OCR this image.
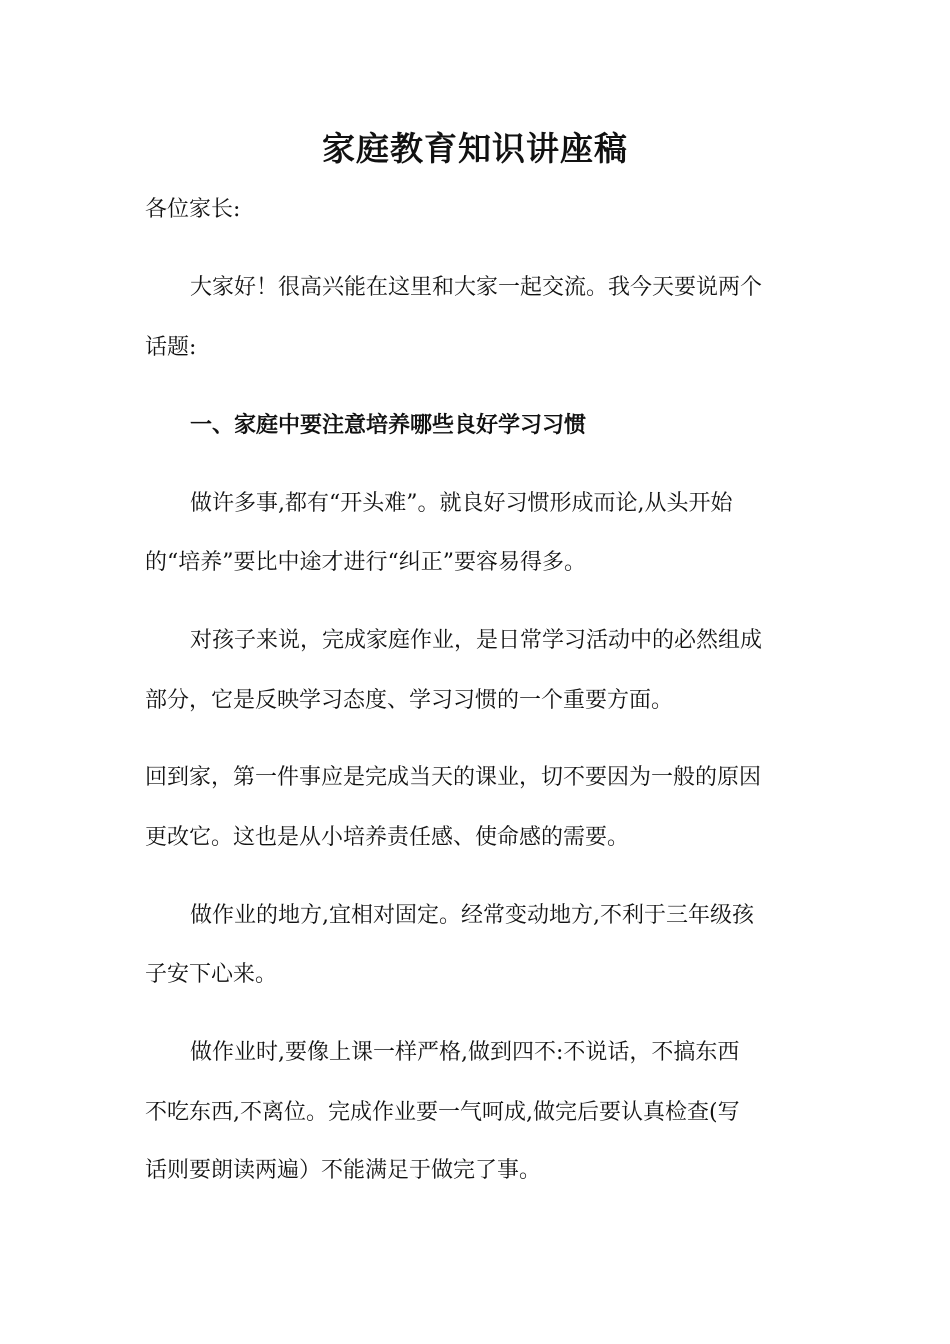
家庭教育知识讲座稿

各位家长:

大家好！很高兴能在这里和大家一起交流。我今天要说两个

话题:

一、家庭中要注意培养哪些良好学习习惯

做许多事,都有“开头难”。就良好习惯形成而论,从头开始

的“培养”要比中途才进行“纠正”要容易得多。

对孩子来说，完成家庭作业，是日常学习活动中的必然组成

部分，它是反映学习态度、学习习惯的一个重要方面。

回到家，第一件事应是完成当天的课业，切不要因为一般的原因

更改它。这也是从小培养责任感、使命感的需要。

做作业的地方,宜相对固定。经常变动地方,不利于三年级孩

子安下心来。

做作业时,要像上课一样严格,做到四不:不说话，不搞东西

不吃东西,不离位。完成作业要一气呵成,做完后要认真检查(写

话则要朗读两遍）不能满足于做完了事。
